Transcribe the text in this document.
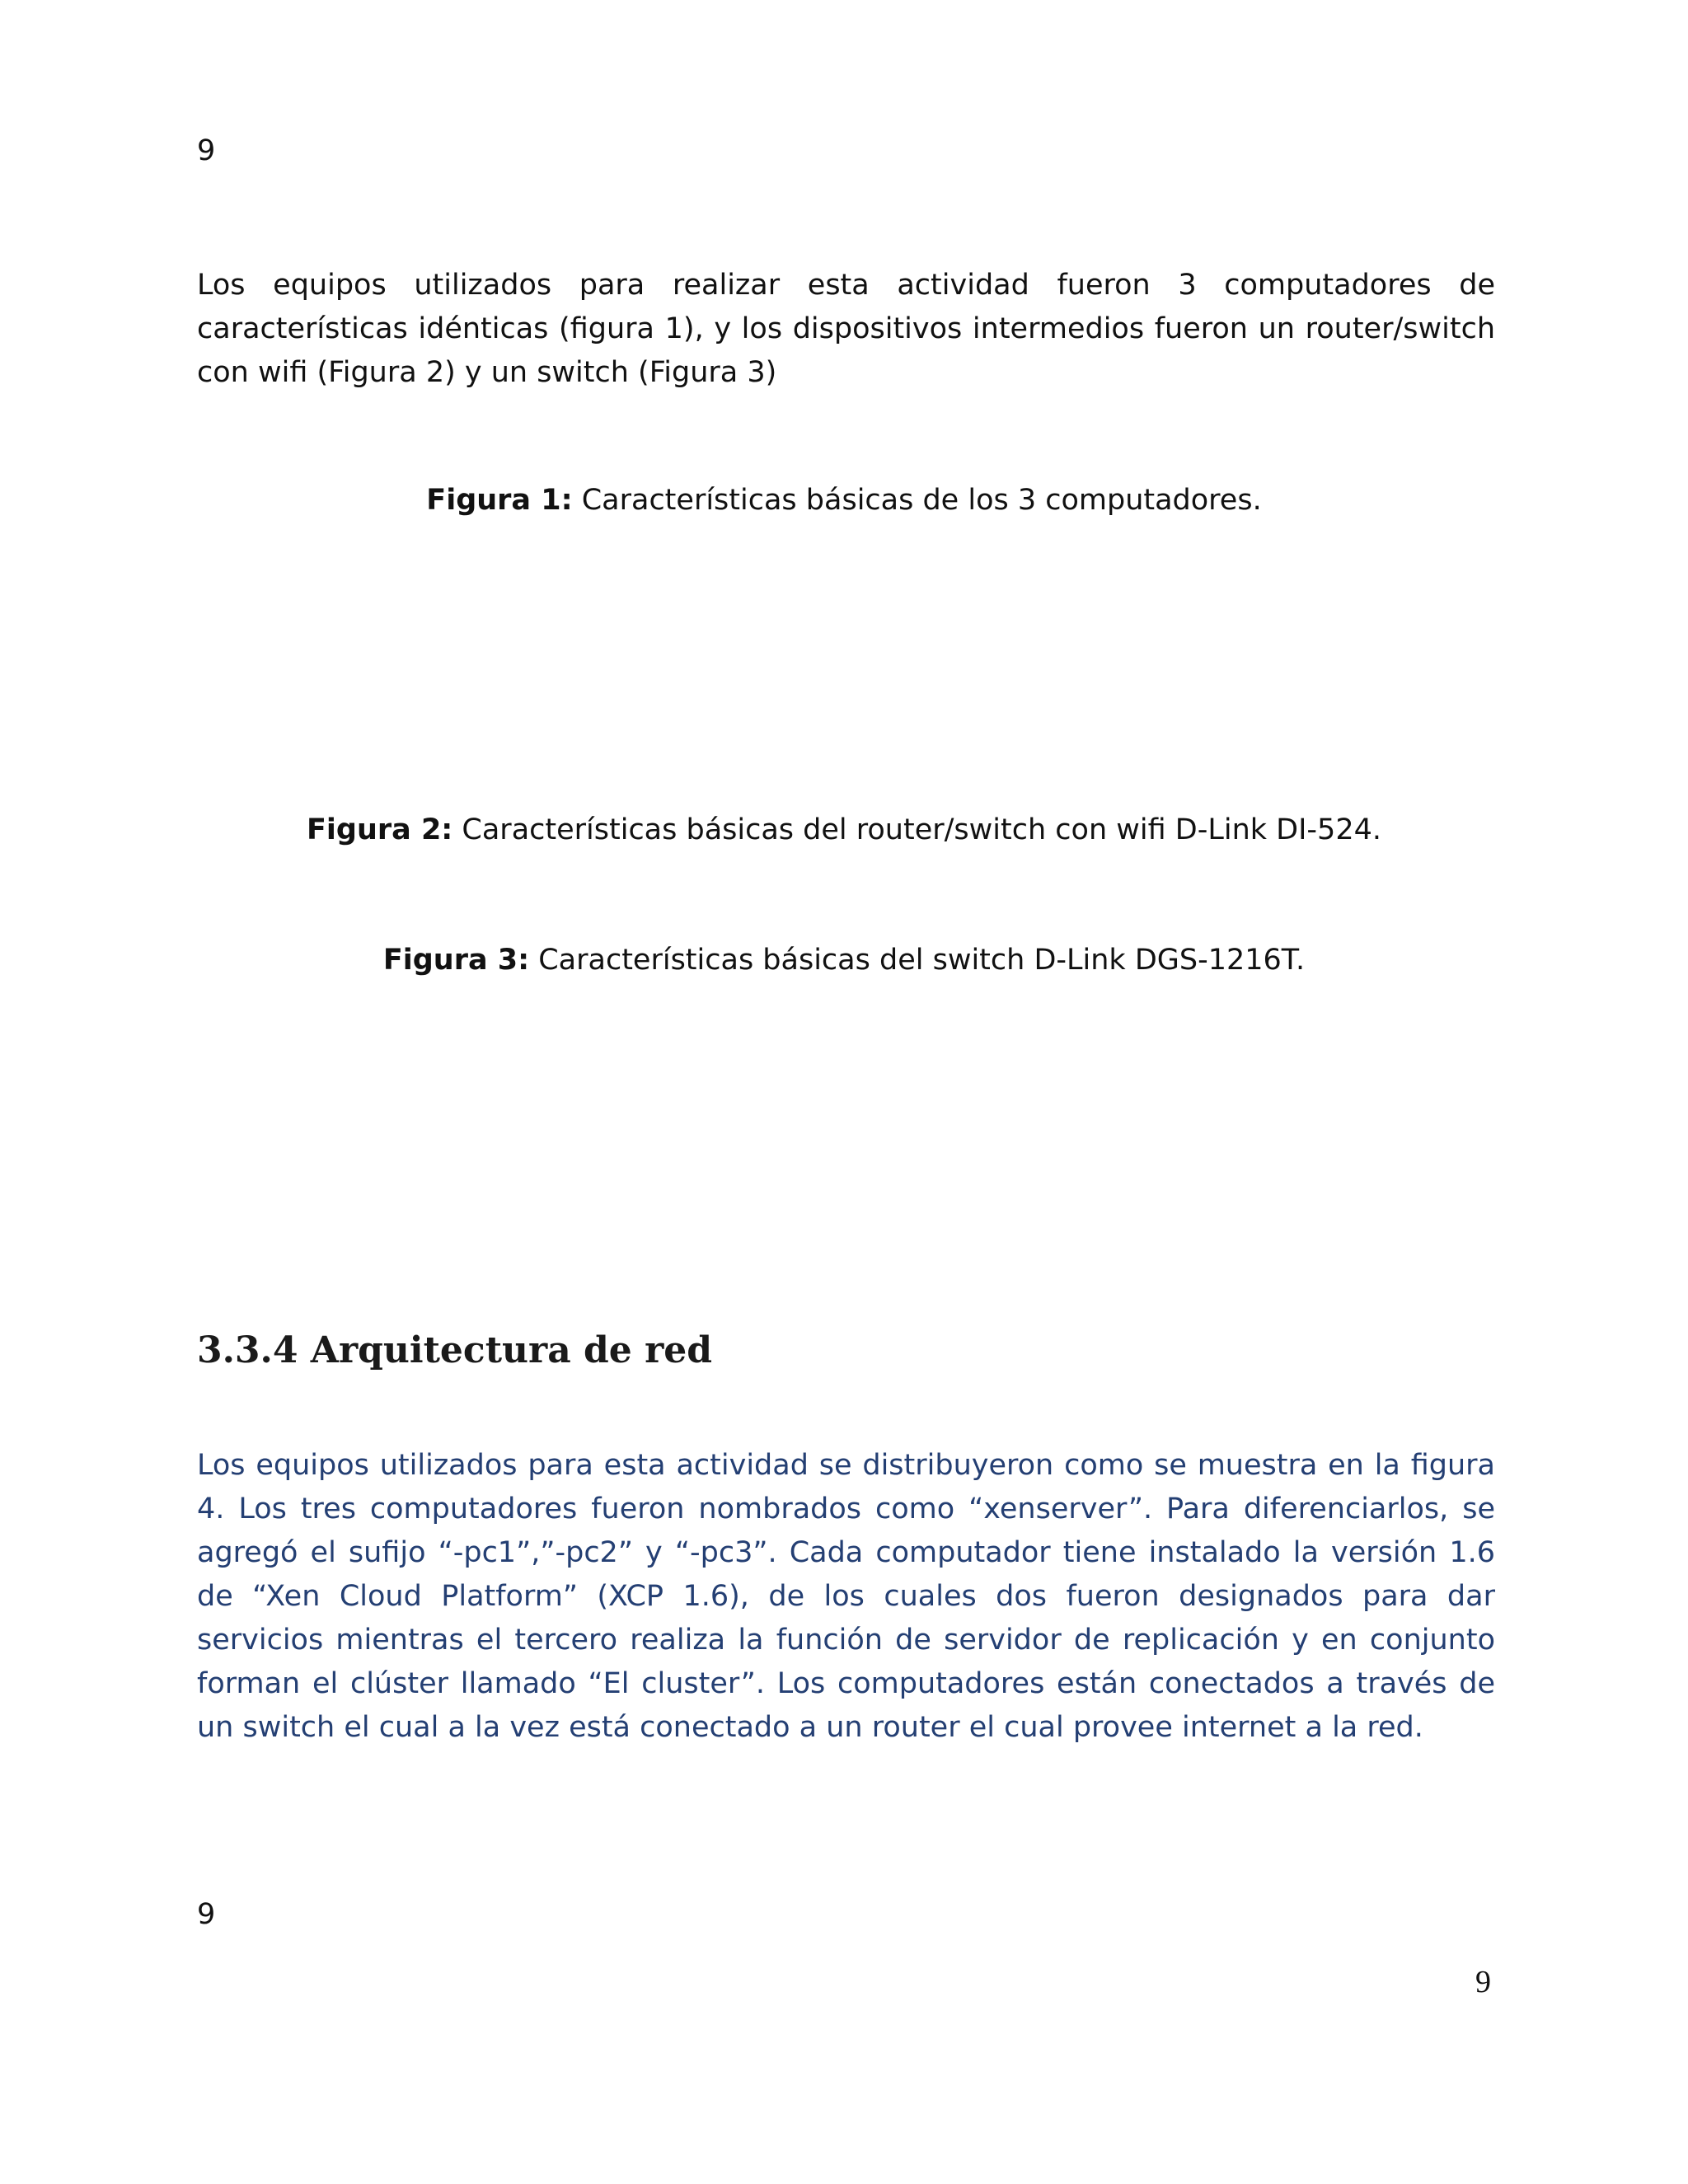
9

Los equipos utilizados para realizar esta actividad fueron 3 computadores de características idénticas (figura 1), y los dispositivos intermedios fueron un router/switch con wifi (Figura 2) y un switch (Figura 3)

Figura 1: Características básicas de los 3 computadores.

Figura 2: Características básicas del router/switch con wifi D-Link DI-524.

Figura 3: Características básicas del switch D-Link DGS-1216T.

3.3.4 Arquitectura de red

Los equipos utilizados para esta actividad se distribuyeron como se muestra en la figura 4. Los tres computadores fueron nombrados como “xenserver”. Para diferenciarlos, se agregó el sufijo “-pc1”,”-pc2” y “-pc3”. Cada computador tiene instalado la versión 1.6 de “Xen Cloud Platform” (XCP 1.6), de los cuales dos fueron designados para dar servicios mientras el tercero realiza la función de servidor de replicación y en conjunto forman el clúster llamado “El cluster”. Los computadores están conectados a través de un switch el cual a la vez está conectado a un router el cual provee internet a la red.

9
9
